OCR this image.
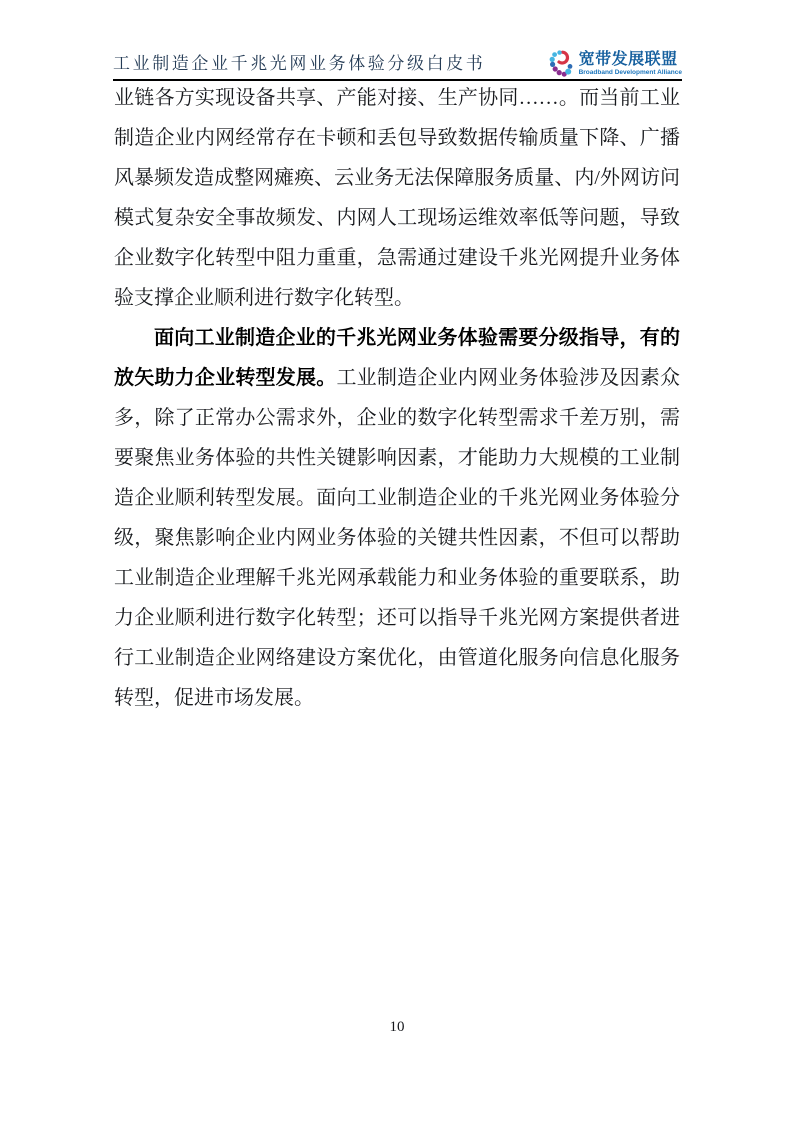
工业制造企业千兆光网业务体验分级白皮书	宽带发展联盟
Broadband Development Alliance

业链各方实现设备共享、产能对接、生产协同……。而当前工业制造企业内网经常存在卡顿和丢包导致数据传输质量下降、广播风暴频发造成整网瘫痪、云业务无法保障服务质量、内/外网访问模式复杂安全事故频发、内网人工现场运维效率低等问题，导致企业数字化转型中阻力重重，急需通过建设千兆光网提升业务体验支撑企业顺利进行数字化转型。

面向工业制造企业的千兆光网业务体验需要分级指导，有的放矢助力企业转型发展。工业制造企业内网业务体验涉及因素众多，除了正常办公需求外，企业的数字化转型需求千差万别，需要聚焦业务体验的共性关键影响因素，才能助力大规模的工业制造企业顺利转型发展。面向工业制造企业的千兆光网业务体验分级，聚焦影响企业内网业务体验的关键共性因素，不但可以帮助工业制造企业理解千兆光网承载能力和业务体验的重要联系，助力企业顺利进行数字化转型；还可以指导千兆光网方案提供者进行工业制造企业网络建设方案优化，由管道化服务向信息化服务转型，促进市场发展。

10
